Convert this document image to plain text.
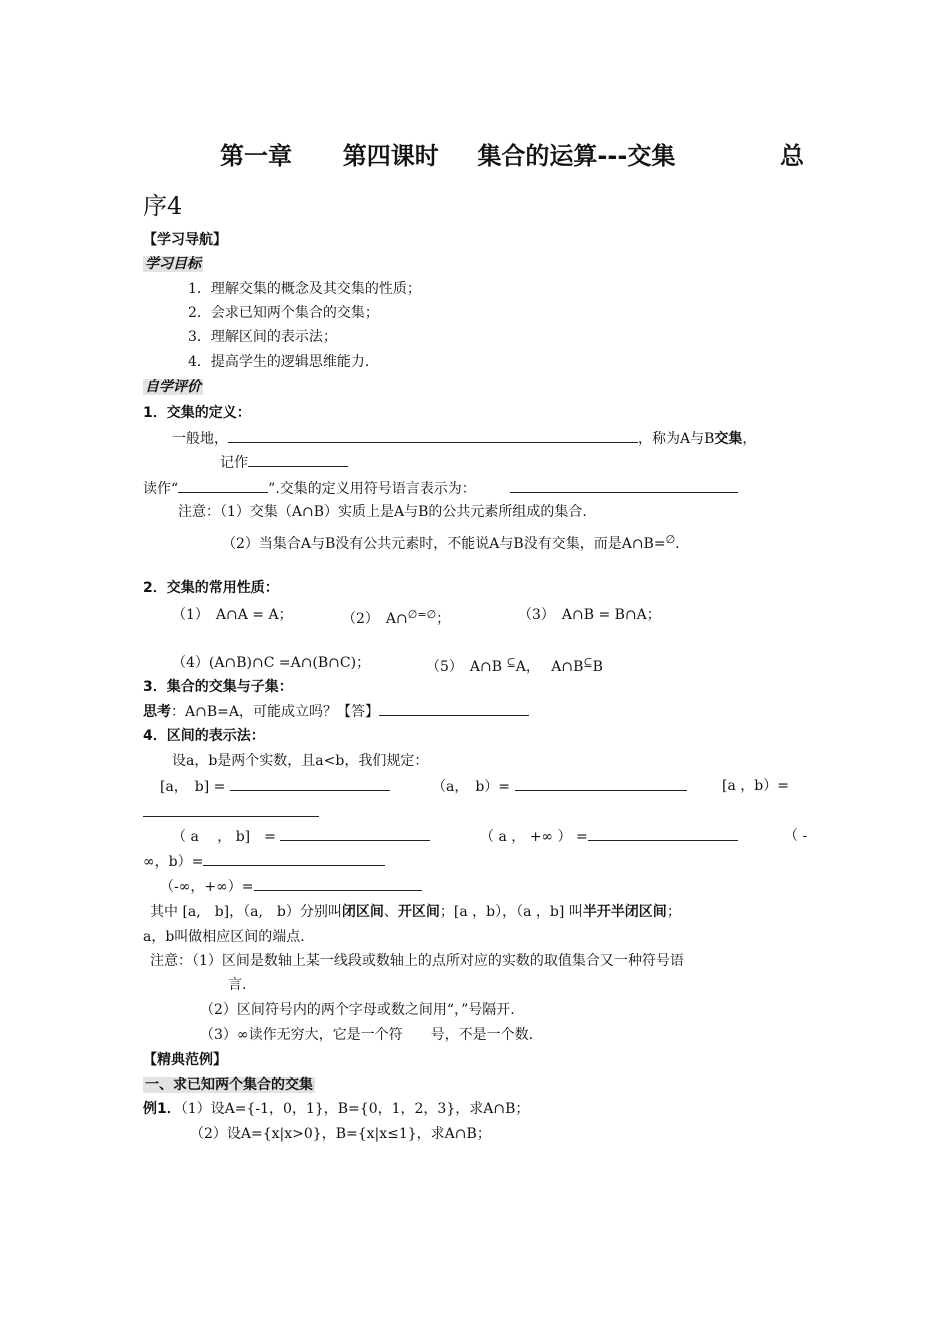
第一章 第四课时 集合的运算---交集	总
序4
【学习导航】
学习目标
1．理解交集的概念及其交集的性质；
2．会求已知两个集合的交集；
3．理解区间的表示法；
4．提高学生的逻辑思维能力.
自学评价
1．交集的定义：
一般地，	，称为A与B交集，
记作
读作“	”.交集的定义用符号语言表示为：
注意：（1）交集（A∩B）实质上是A与B的公共元素所组成的集合.
（2）当集合A与B没有公共元素时，不能说A与B没有交集，而是A∩B=∅.
2．交集的常用性质：
（1）　A∩A = A；	（2）　A∩∅=∅；	（3）　A∩B = B∩A；
（4）(A∩B)∩C =A∩(B∩C)；	（5）　A∩B ⊆A，　 A∩B⊆B
3．集合的交集与子集：
思考：A∩B=A，可能成立吗？【答】
4．区间的表示法：
设a，b是两个实数，且a<b，我们规定：
[a，　b] =	（a，　b）=	[a ，b）=
（ a　 ， b]　=	（ a ， +∞ ） =	（ -
∞，b）=
（-∞，+∞）=
其中 [a,　b]，（a,　b）分别叫闭区间、开区间；[a ，b），（a ，b] 叫半开半闭区间；
a，b叫做相应区间的端点.
注意：（1）区间是数轴上某一线段或数轴上的点所对应的实数的取值集合又一种符号语
言.
（2）区间符号内的两个字母或数之间用“，”号隔开.
（3）∞读作无穷大，它是一个符　　号，不是一个数.
【精典范例】
一、求已知两个集合的交集
例1．（1）设A={-1，0，1}，B={0，1，2，3}，求A∩B；
（2）设A={x|x>0}，B={x|x≤1}，求A∩B；
